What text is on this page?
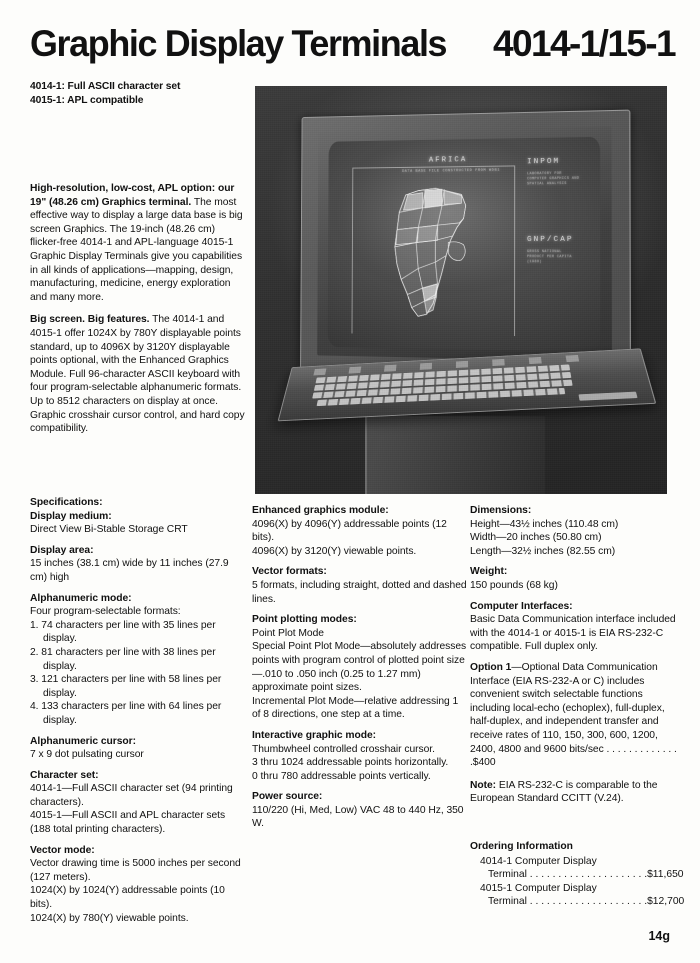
Graphic Display Terminals 4014-1/15-1
4014-1: Full ASCII character set
4015-1: APL compatible
AFRICA
DATA BASE FILE CONSTRUCTED FROM WDB1
INPOM
LABORATORY FOR COMPUTER GRAPHICS AND SPATIAL ANALYSIS
GNP/CAP
GROSS NATIONAL PRODUCT PER CAPITA (1980)

High-resolution, low-cost, APL option: our 19" (48.26 cm) Graphics terminal. The most effective way to display a large data base is big screen Graphics. The 19-inch (48.26 cm) flicker-free 4014-1 and APL-language 4015-1 Graphic Display Terminals give you capabilities in all kinds of applications—mapping, design, manufacturing, medicine, energy exploration and many more.

Big screen. Big features. The 4014-1 and 4015-1 offer 1024X by 780Y displayable points standard, up to 4096X by 3120Y displayable points optional, with the Enhanced Graphics Module. Full 96-character ASCII keyboard with four program-selectable alphanumeric formats. Up to 8512 characters on display at once. Graphic crosshair cursor control, and hard copy compatibility.

Specifications:
Display medium:

Direct View Bi-Stable Storage CRT

Display area:

15 inches (38.1 cm) wide by 11 inches (27.9 cm) high

Alphanumeric mode:

Four program-selectable formats:

1. 74 characters per line with 35 lines per display.

2. 81 characters per line with 38 lines per display.

3. 121 characters per line with 58 lines per display.

4. 133 characters per line with 64 lines per display.

Alphanumeric cursor:

7 x 9 dot pulsating cursor

Character set:

4014-1—Full ASCII character set (94 printing characters).

4015-1—Full ASCII and APL character sets (188 total printing characters).

Vector mode:

Vector drawing time is 5000 inches per second (127 meters).

1024(X) by 1024(Y) addressable points (10 bits).

1024(X) by 780(Y) viewable points.

Enhanced graphics module:

4096(X) by 4096(Y) addressable points (12 bits).

4096(X) by 3120(Y) viewable points.

Vector formats:

5 formats, including straight, dotted and dashed lines.

Point plotting modes:

Point Plot Mode

Special Point Plot Mode—absolutely addresses points with program control of plotted point size—.010 to .050 inch (0.25 to 1.27 mm) approximate point sizes.

Incremental Plot Mode—relative addressing 1 of 8 directions, one step at a time.

Interactive graphic mode:

Thumbwheel controlled crosshair cursor.

3 thru 1024 addressable points horizontally.

0 thru 780 addressable points vertically.

Power source:

110/220 (Hi, Med, Low) VAC 48 to 440 Hz, 350 W.

Dimensions:

Height—43½ inches (110.48 cm)

Width—20 inches (50.80 cm)

Length—32½ inches (82.55 cm)

Weight:

150 pounds (68 kg)

Computer Interfaces:

Basic Data Communication interface included with the 4014-1 or 4015-1 is EIA RS-232-C compatible. Full duplex only.

Option 1—Optional Data Communication Interface (EIA RS-232-A or C) includes convenient switch selectable functions including local-echo (echoplex), full-duplex, half-duplex, and independent transfer and receive rates of 110, 150, 300, 600, 1200, 2400, 4800 and 9600 bits/sec . . . . . . . . . . . . . .$400

Note: EIA RS-232-C is comparable to the European Standard CCITT (V.24).

Ordering Information

4014-1 Computer Display

Terminal . . . . . . . . . . . . . . . . . . . . .$11,650

4015-1 Computer Display

Terminal . . . . . . . . . . . . . . . . . . . . .$12,700

14g
